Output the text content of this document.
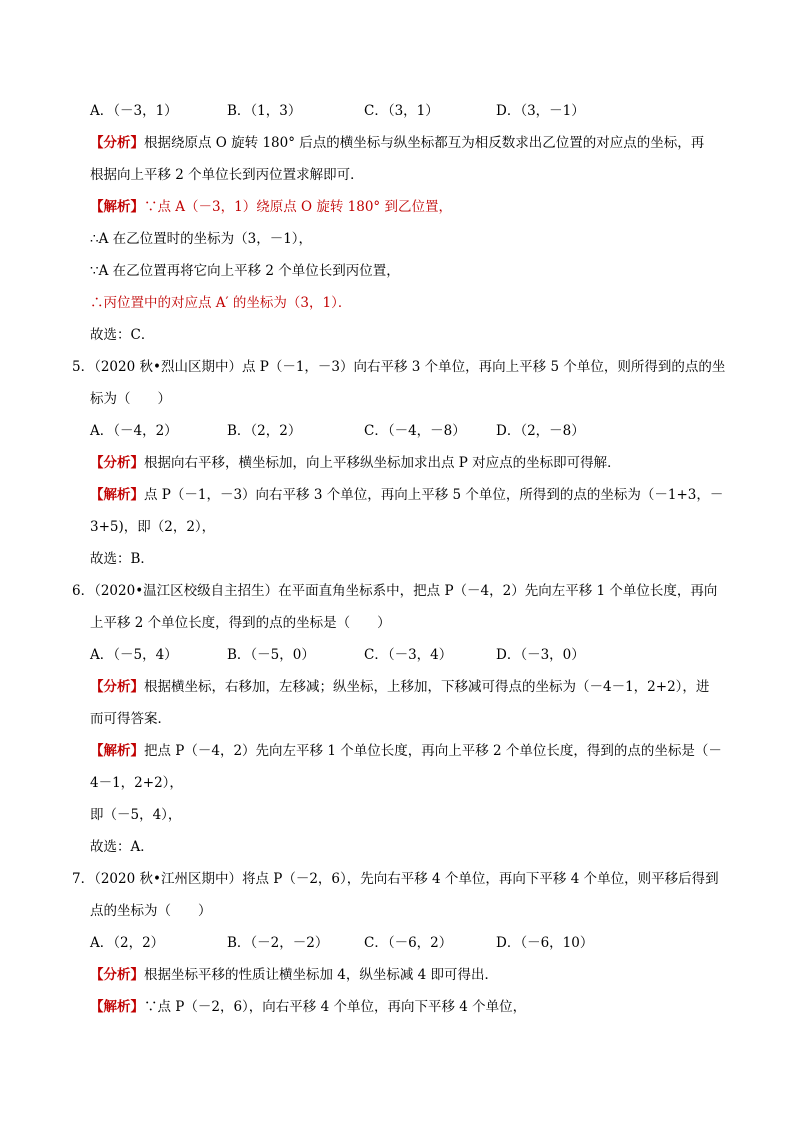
A．（－3，1）	B．（1，3）	C．（3，1）	D．（3，－1）
【分析】根据绕原点 O 旋转 180° 后点的横坐标与纵坐标都互为相反数求出乙位置的对应点的坐标，再
根据向上平移 2 个单位长到丙位置求解即可．
【解析】∵点 A（－3，1）绕原点 O 旋转 180° 到乙位置，
∴A 在乙位置时的坐标为（3，－1），
∵A 在乙位置再将它向上平移 2 个单位长到丙位置，
∴丙位置中的对应点 A′ 的坐标为（3，1）．
故选：C．
5．（2020 秋•烈山区期中）点 P（－1，－3）向右平移 3 个单位，再向上平移 5 个单位，则所得到的点的坐
标为（　　）
A．（－4，2）	B．（2，2）	C．（－4，－8） D．（2，－8）
【分析】根据向右平移，横坐标加，向上平移纵坐标加求出点 P 对应点的坐标即可得解．
【解析】点 P（－1，－3）向右平移 3 个单位，再向上平移 5 个单位，所得到的点的坐标为（－1+3，－
3+5)，即（2，2），
故选：B．
6．（2020•温江区校级自主招生）在平面直角坐标系中，把点 P（－4，2）先向左平移 1 个单位长度，再向
上平移 2 个单位长度，得到的点的坐标是（　　）
A．（－5，4）	B．（－5，0）	C．（－3，4）	D．（－3，0）
【分析】根据横坐标，右移加，左移减；纵坐标，上移加，下移减可得点的坐标为（－4－1，2+2），进
而可得答案．
【解析】把点 P（－4，2）先向左平移 1 个单位长度，再向上平移 2 个单位长度，得到的点的坐标是（－
4－1，2+2），
即（－5，4），
故选：A．
7．（2020 秋•江州区期中）将点 P（－2，6），先向右平移 4 个单位，再向下平移 4 个单位，则平移后得到
点的坐标为（　　）
A．（2，2）	B．（－2，－2）	C．（－6，2）	D．（－6，10）
【分析】根据坐标平移的性质让横坐标加 4，纵坐标减 4 即可得出．
【解析】∵点 P（－2，6），向右平移 4 个单位，再向下平移 4 个单位，
